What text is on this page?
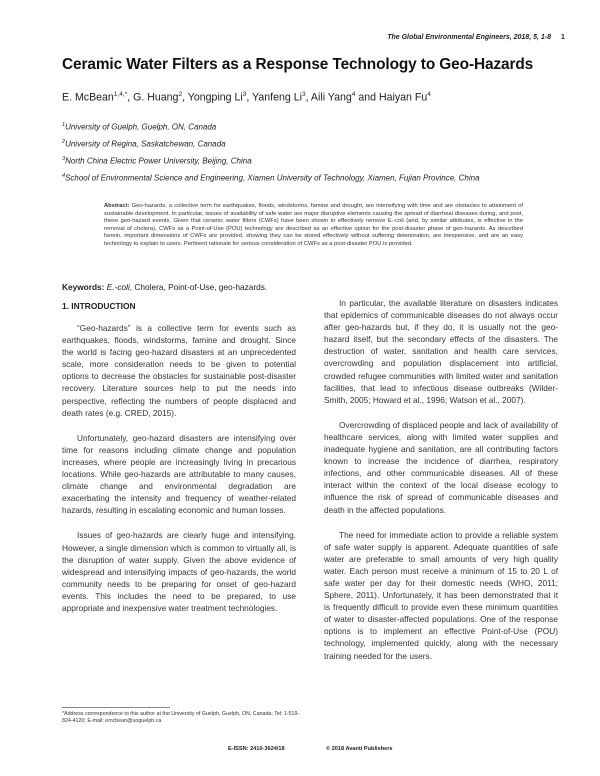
The Global Environmental Engineers, 2018, 5, 1-8 1
Ceramic Water Filters as a Response Technology to Geo-Hazards
E. McBean$^{1,4,*}$, G. Huang$^2$, Yongping Li$^3$, Yanfeng Li$^3$, Aili Yang$^4$ and Haiyan Fu$^4$
$^1$University of Guelph, Guelph, ON, Canada
$^2$University of Regina, Saskatchewan, Canada
$^3$North China Electric Power University, Beijing, China
$^4$School of Environmental Science and Engineering, Xiamen University of Technology, Xiamen, Fujian Province, China
Abstract: Geo-hazards, a collective term for earthquakes, floods, windstorms, famine and drought, are intensifying with time and are obstacles to attainment of sustainable development. In particular, issues of availability of safe water are major disruptive elements causing the spread of diarrheal diseases during, and post, these geo-hazard events. Given that ceramic water filters (CWFs) have been shown to effectively remove E.-coli (and, by similar attributes, is effective in the removal of cholera), CWFs as a Point-of-Use (POU) technology are described as an effective option for the post-disaster phase of geo-hazards. As described herein, important dimensions of CWFs are provided, showing they can be stored effectively without suffering deterioration, are inexpensive, and are an easy technology to explain to users. Pertinent rationale for serious consideration of CWFs as a post-disaster POU is provided.
Keywords: E.-coli, Cholera, Point-of-Use, geo-hazards.
1. INTRODUCTION

“Geo-hazards” is a collective term for events such as earthquakes, floods, windstorms, famine and drought. Since the world is facing geo-hazard disasters at an unprecedented scale, more consideration needs to be given to potential options to decrease the obstacles for sustainable post-disaster recovery. Literature sources help to put the needs into perspective, reflecting the numbers of people displaced and death rates (e.g. CRED, 2015).

Unfortunately, geo-hazard disasters are intensifying over time for reasons including climate change and population increases, where people are increasingly living in precarious locations. While geo-hazards are attributable to many causes, climate change and environmental degradation are exacerbating the intensity and frequency of weather-related hazards, resulting in escalating economic and human losses.

Issues of geo-hazards are clearly huge and intensifying. However, a single dimension which is common to virtually all, is the disruption of water supply. Given the above evidence of widespread and intensifying impacts of geo-hazards, the world community needs to be preparing for onset of geo-hazard events. This includes the need to be prepared, to use appropriate and inexpensive water treatment technologies.

In particular, the available literature on disasters indicates that epidemics of communicable diseases do not always occur after geo-hazards but, if they do, it is usually not the geo-hazard itself, but the secondary effects of the disasters. The destruction of water, sanitation and health care services, overcrowding and population displacement into artificial, crowded refugee communities with limited water and sanitation facilities, that lead to infectious disease outbreaks (Wilder-Smith, 2005; Howard et al., 1996; Watson et al., 2007).

Overcrowding of displaced people and lack of availability of healthcare services, along with limited water supplies and inadequate hygiene and sanitation, are all contributing factors known to increase the incidence of diarrhea, respiratory infections, and other communicable diseases. All of these interact within the context of the local disease ecology to influence the risk of spread of communicable diseases and death in the affected populations.

The need for immediate action to provide a reliable system of safe water supply is apparent. Adequate quantities of safe water are preferable to small amounts of very high quality water. Each person must receive a minimum of 15 to 20 L of safe water per day for their domestic needs (WHO, 2011; Sphere, 2011). Unfortunately, it has been demonstrated that it is frequently difficult to provide even these minimum quantities of water to disaster-affected populations. One of the response options is to implement an effective Point-of-Use (POU) technology, implemented quickly, along with the necessary training needed for the users.

*Address correspondence to this author at the University of Guelph, Guelph, ON, Canada; Tel: 1-519-824-4120; E-mail: emcbean@uoguelph.ca
E-ISSN: 2410-3624/18	© 2018 Avanti Publishers
